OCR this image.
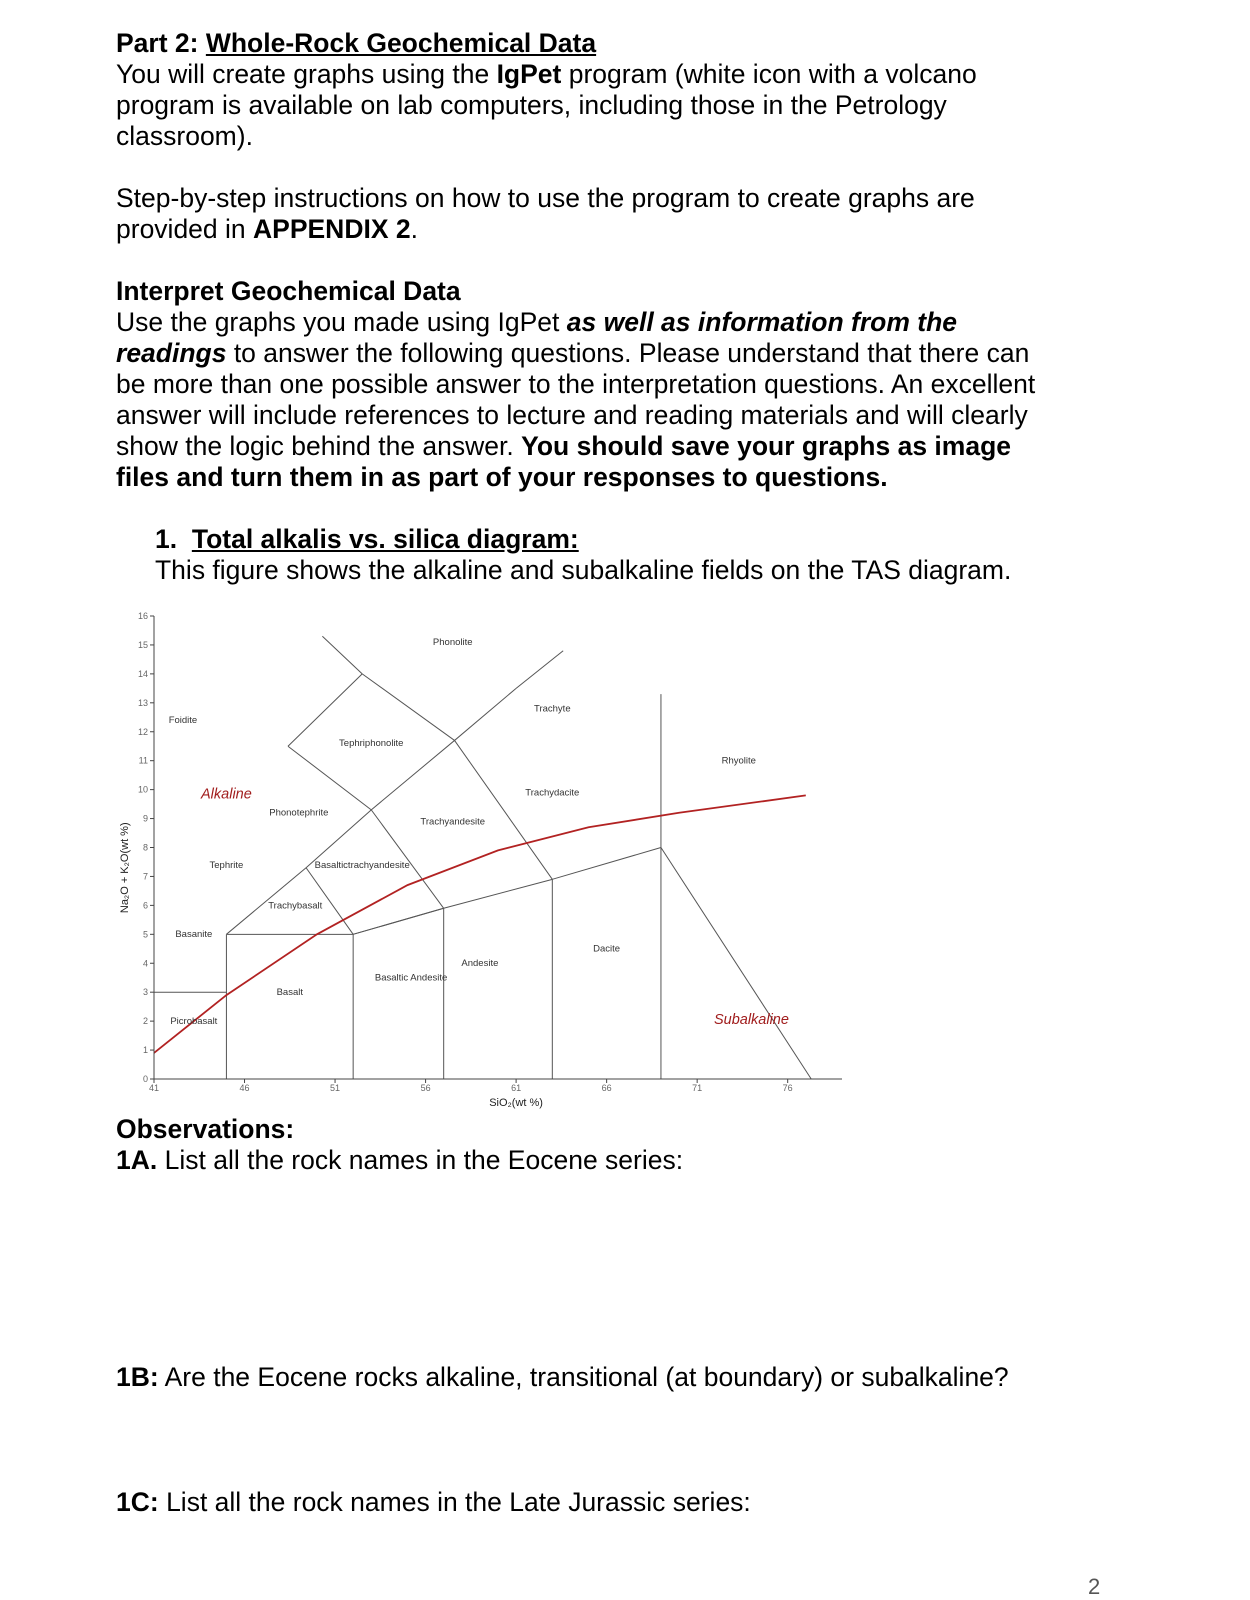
Part 2: Whole-Rock Geochemical Data
You will create graphs using the IgPet program (white icon with a volcano
program is available on lab computers, including those in the Petrology
classroom).
Step-by-step instructions on how to use the program to create graphs are
provided in APPENDIX 2.
Interpret Geochemical Data
Use the graphs you made using IgPet as well as information from the
readings to answer the following questions. Please understand that there can
be more than one possible answer to the interpretation questions. An excellent
answer will include references to lecture and reading materials and will clearly
show the logic behind the answer. You should save your graphs as image
files and turn them in as part of your responses to questions.
1. Total alkalis vs. silica diagram:
This figure shows the alkaline and subalkaline fields on the TAS diagram.
0
1
2
3
4
5
6
7
8
9
10
11
12
13
14
15
16
41	46	51	56	61	66	71	76
SiO₂(wt %)
Na₂O + K₂O(wt %)
Foidite
Phonolite
Tephriphonolite
Trachyte
Rhyolite
Trachydacite
Phonotephrite
Trachyandesite
Tephrite	Basaltictrachyandesite
Trachybasalt
Basanite
Dacite
Andesite
Basaltic Andesite
Basalt
Picrobasalt
Alkaline
Subalkaline
Observations:
1A. List all the rock names in the Eocene series:
1B: Are the Eocene rocks alkaline, transitional (at boundary) or subalkaline?
1C: List all the rock names in the Late Jurassic series:
2
